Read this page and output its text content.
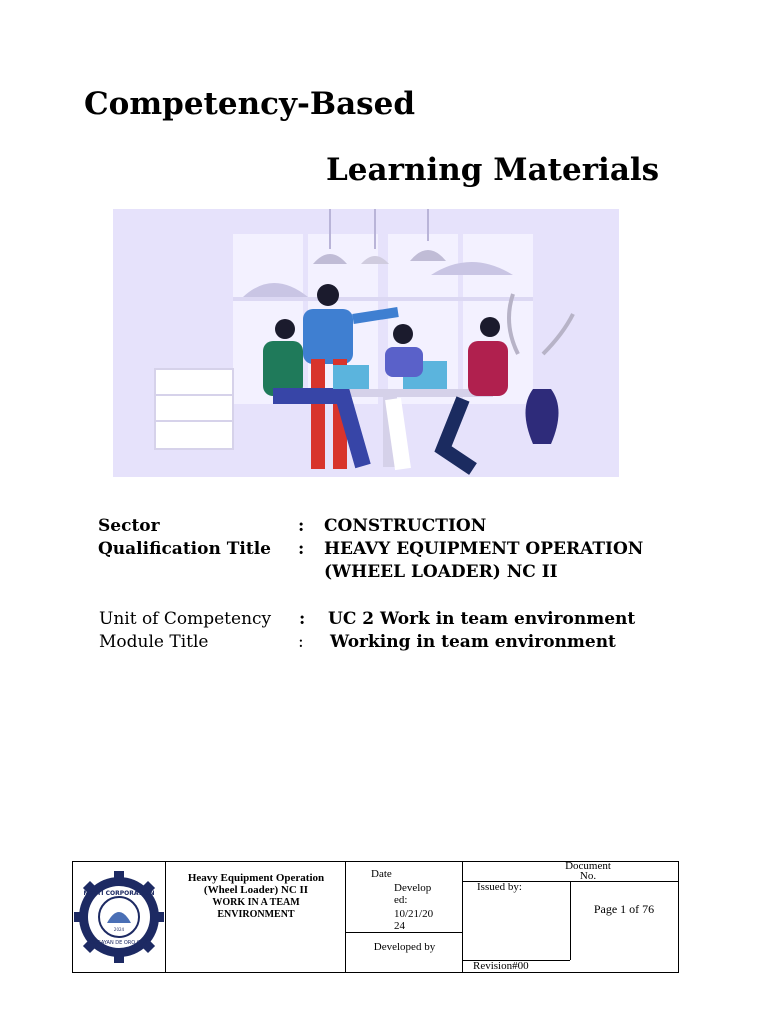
Competency-Based
Learning Materials
Sector	: CONSTRUCTION
Qualification Title : HEAVY EQUIPMENT OPERATION
(WHEEL LOADER) NC II
Unit of Competency : UC 2 Work in team environment
Module Title	: Working in team environment
2024
NCTTI CORPORATION
CAGAYAN DE ORO CITY
Heavy Equipment Operation
(Wheel Loader) NC II
WORK IN A TEAM
ENVIRONMENT
Date
Develop
ed:
10/21/20
24
Developed by
Document
No.
Issued by:
Page 1 of 76
Revision#00
